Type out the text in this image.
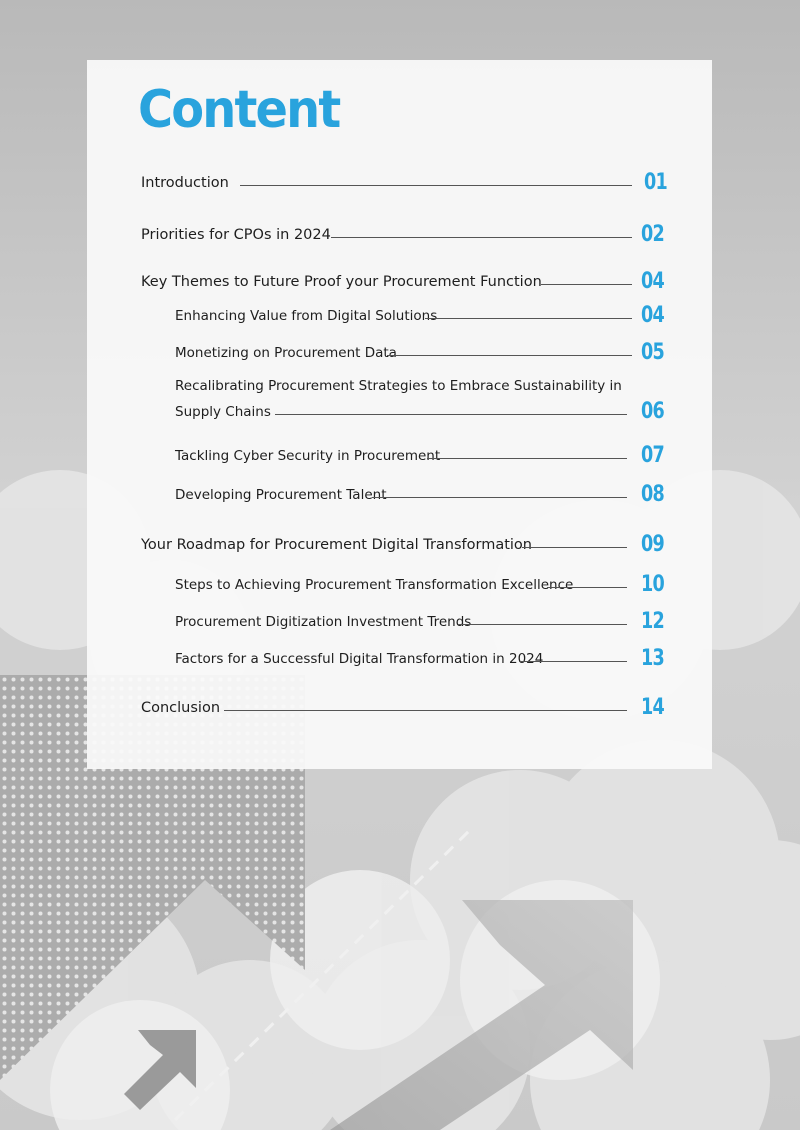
Content
Introduction	01
Priorities for CPOs in 2024	02
Key Themes to Future Proof your Procurement Function	04
Enhancing Value from Digital Solutions	04
Monetizing on Procurement Data	05
Recalibrating Procurement Strategies to Embrace Sustainability in
Supply Chains	06
Tackling Cyber Security in Procurement	07
Developing Procurement Talent	08
Your Roadmap for Procurement Digital Transformation	09
Steps to Achieving Procurement Transformation Excellence	10
Procurement Digitization Investment Trends	12
Factors for a Successful Digital Transformation in 2024	13
Conclusion	14
